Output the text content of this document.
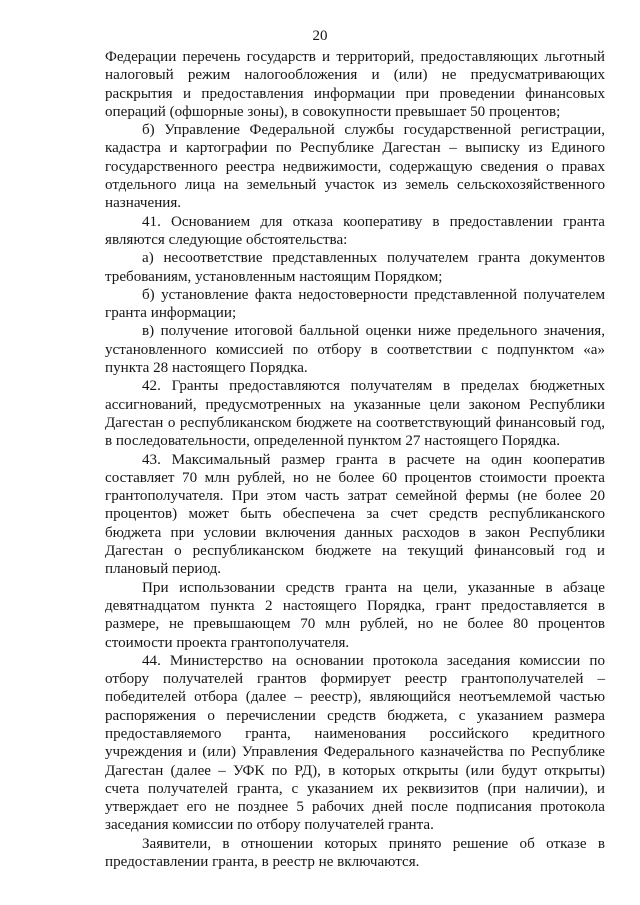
20

Федерации перечень государств и территорий, предоставляющих льготный налоговый режим налогообложения и (или) не предусматривающих раскрытия и предоставления информации при проведении финансовых операций (офшорные зоны), в совокупности превышает 50 процентов;

б) Управление Федеральной службы государственной регистрации, кадастра и картографии по Республике Дагестан – выписку из Единого государственного реестра недвижимости, содержащую сведения о правах отдельного лица на земельный участок из земель сельскохозяйственного назначения.

41. Основанием для отказа кооперативу в предоставлении гранта являются следующие обстоятельства:

а) несоответствие представленных получателем гранта документов требованиям, установленным настоящим Порядком;

б) установление факта недостоверности представленной получателем гранта информации;

в) получение итоговой балльной оценки ниже предельного значения, установленного комиссией по отбору в соответствии с подпунктом «а» пункта 28 настоящего Порядка.

42. Гранты предоставляются получателям в пределах бюджетных ассигнований, предусмотренных на указанные цели законом Республики Дагестан о республиканском бюджете на соответствующий финансовый год, в последовательности, определенной пунктом 27 настоящего Порядка.

43. Максимальный размер гранта в расчете на один кооператив составляет 70 млн рублей, но не более 60 процентов стоимости проекта грантополучателя. При этом часть затрат семейной фермы (не более 20 процентов) может быть обеспечена за счет средств республиканского бюджета при условии включения данных расходов в закон Республики Дагестан о республиканском бюджете на текущий финансовый год и плановый период.

При использовании средств гранта на цели, указанные в абзаце девятнадцатом пункта 2 настоящего Порядка, грант предоставляется в размере, не превышающем 70 млн рублей, но не более 80 процентов стоимости проекта грантополучателя.

44. Министерство на основании протокола заседания комиссии по отбору получателей грантов формирует реестр грантополучателей – победителей отбора (далее – реестр), являющийся неотъемлемой частью распоряжения о перечислении средств бюджета, с указанием размера предоставляемого гранта, наименования российского кредитного учреждения и (или) Управления Федерального казначейства по Республике Дагестан (далее – УФК по РД), в которых открыты (или будут открыты) счета получателей гранта, с указанием их реквизитов (при наличии), и утверждает его не позднее 5 рабочих дней после подписания протокола заседания комиссии по отбору получателей гранта.

Заявители, в отношении которых принято решение об отказе в предоставлении гранта, в реестр не включаются.
